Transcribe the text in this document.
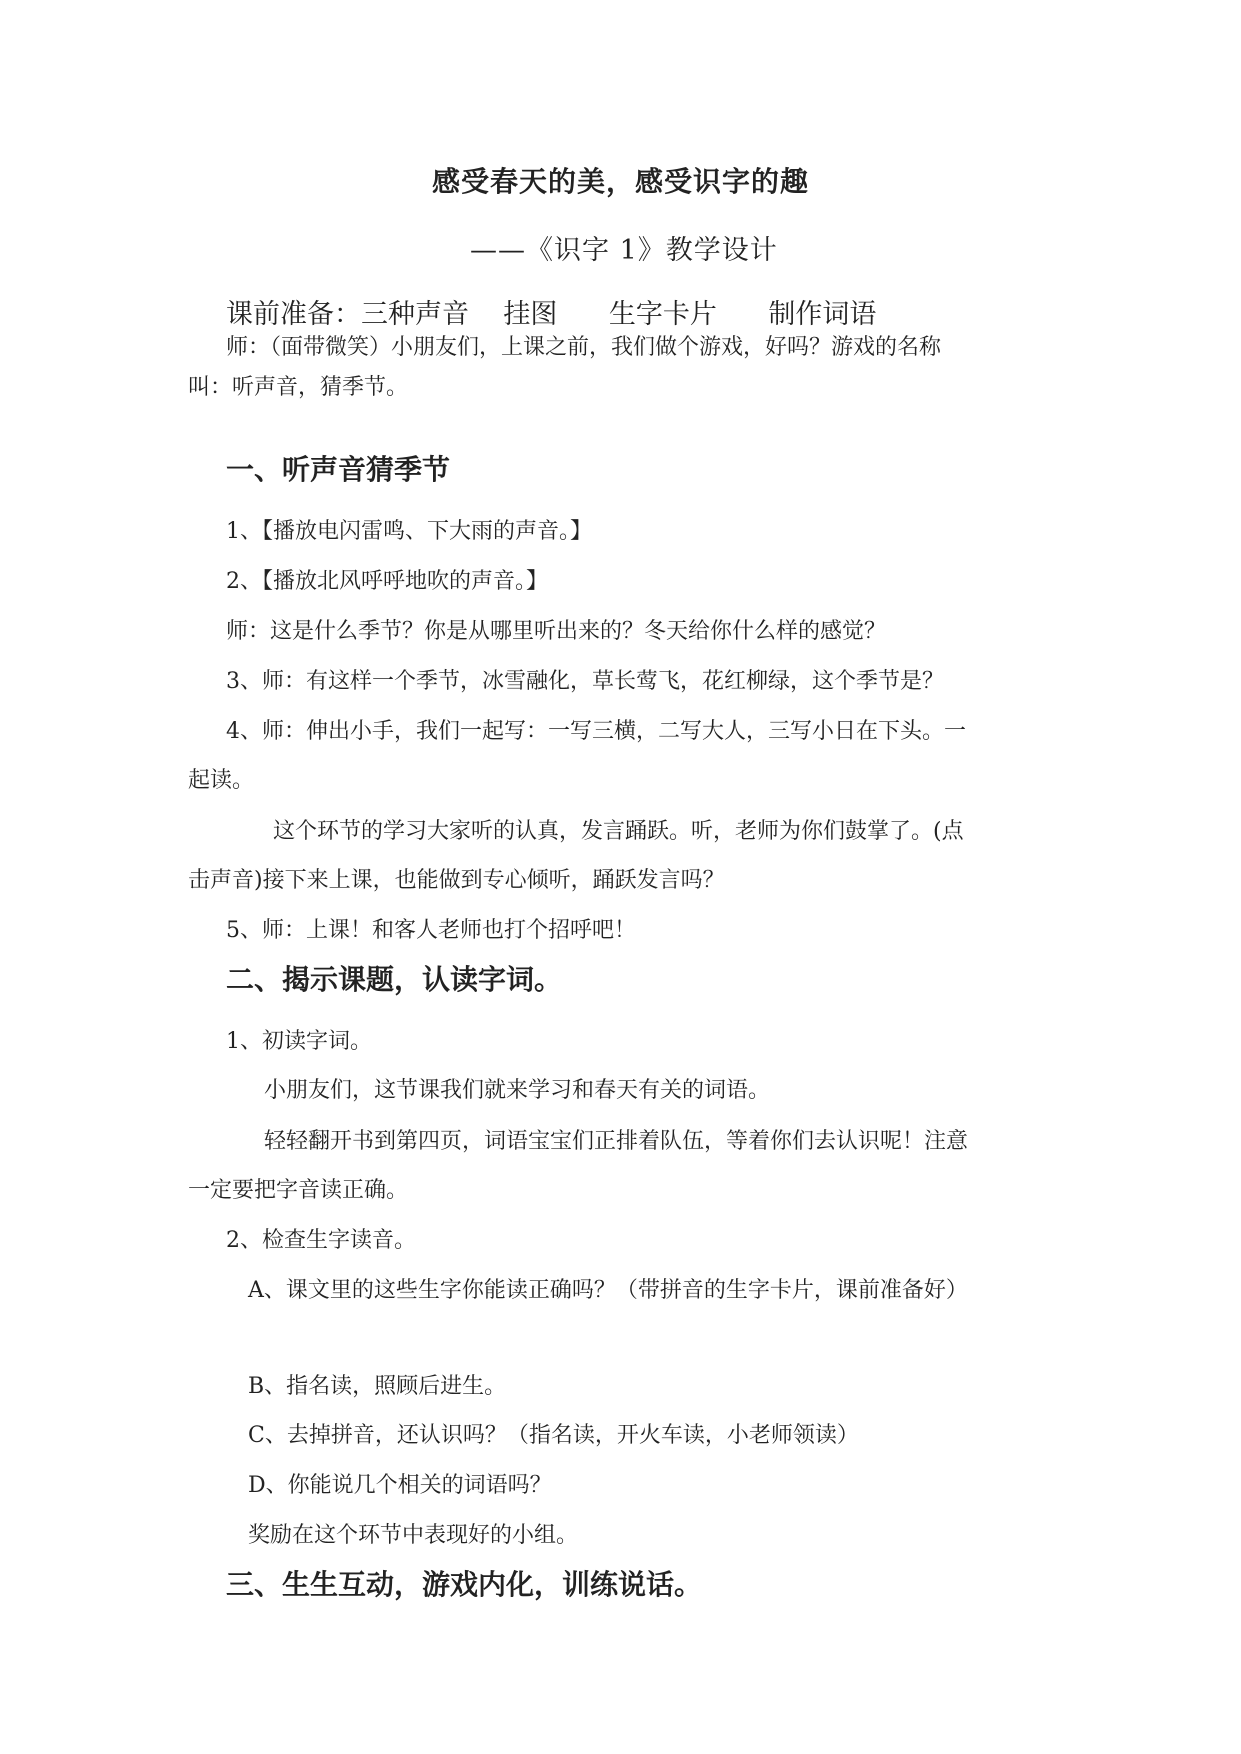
感受春天的美，感受识字的趣
——《识字 1》教学设计
课前准备：三种声音    挂图      生字卡片      制作词语
师：（面带微笑）小朋友们，上课之前，我们做个游戏，好吗？游戏的名称
叫：听声音，猜季节。
一、听声音猜季节
1、【播放电闪雷鸣、下大雨的声音。】
2、【播放北风呼呼地吹的声音。】
师：这是什么季节？你是从哪里听出来的？冬天给你什么样的感觉？
3、师：有这样一个季节，冰雪融化，草长莺飞，花红柳绿，这个季节是？
4、师：伸出小手，我们一起写：一写三横，二写大人，三写小日在下头。一
起读。
这个环节的学习大家听的认真，发言踊跃。听，老师为你们鼓掌了。(点
击声音)接下来上课，也能做到专心倾听，踊跃发言吗？
5、师：上课！和客人老师也打个招呼吧！
二、揭示课题，认读字词。
1、初读字词。
小朋友们，这节课我们就来学习和春天有关的词语。
轻轻翻开书到第四页，词语宝宝们正排着队伍，等着你们去认识呢！注意
一定要把字音读正确。
2、检查生字读音。
A、课文里的这些生字你能读正确吗？（带拼音的生字卡片，课前准备好）
B、指名读，照顾后进生。
C、去掉拼音，还认识吗？（指名读，开火车读，小老师领读）
D、你能说几个相关的词语吗？
奖励在这个环节中表现好的小组。
三、生生互动，游戏内化，训练说话。
